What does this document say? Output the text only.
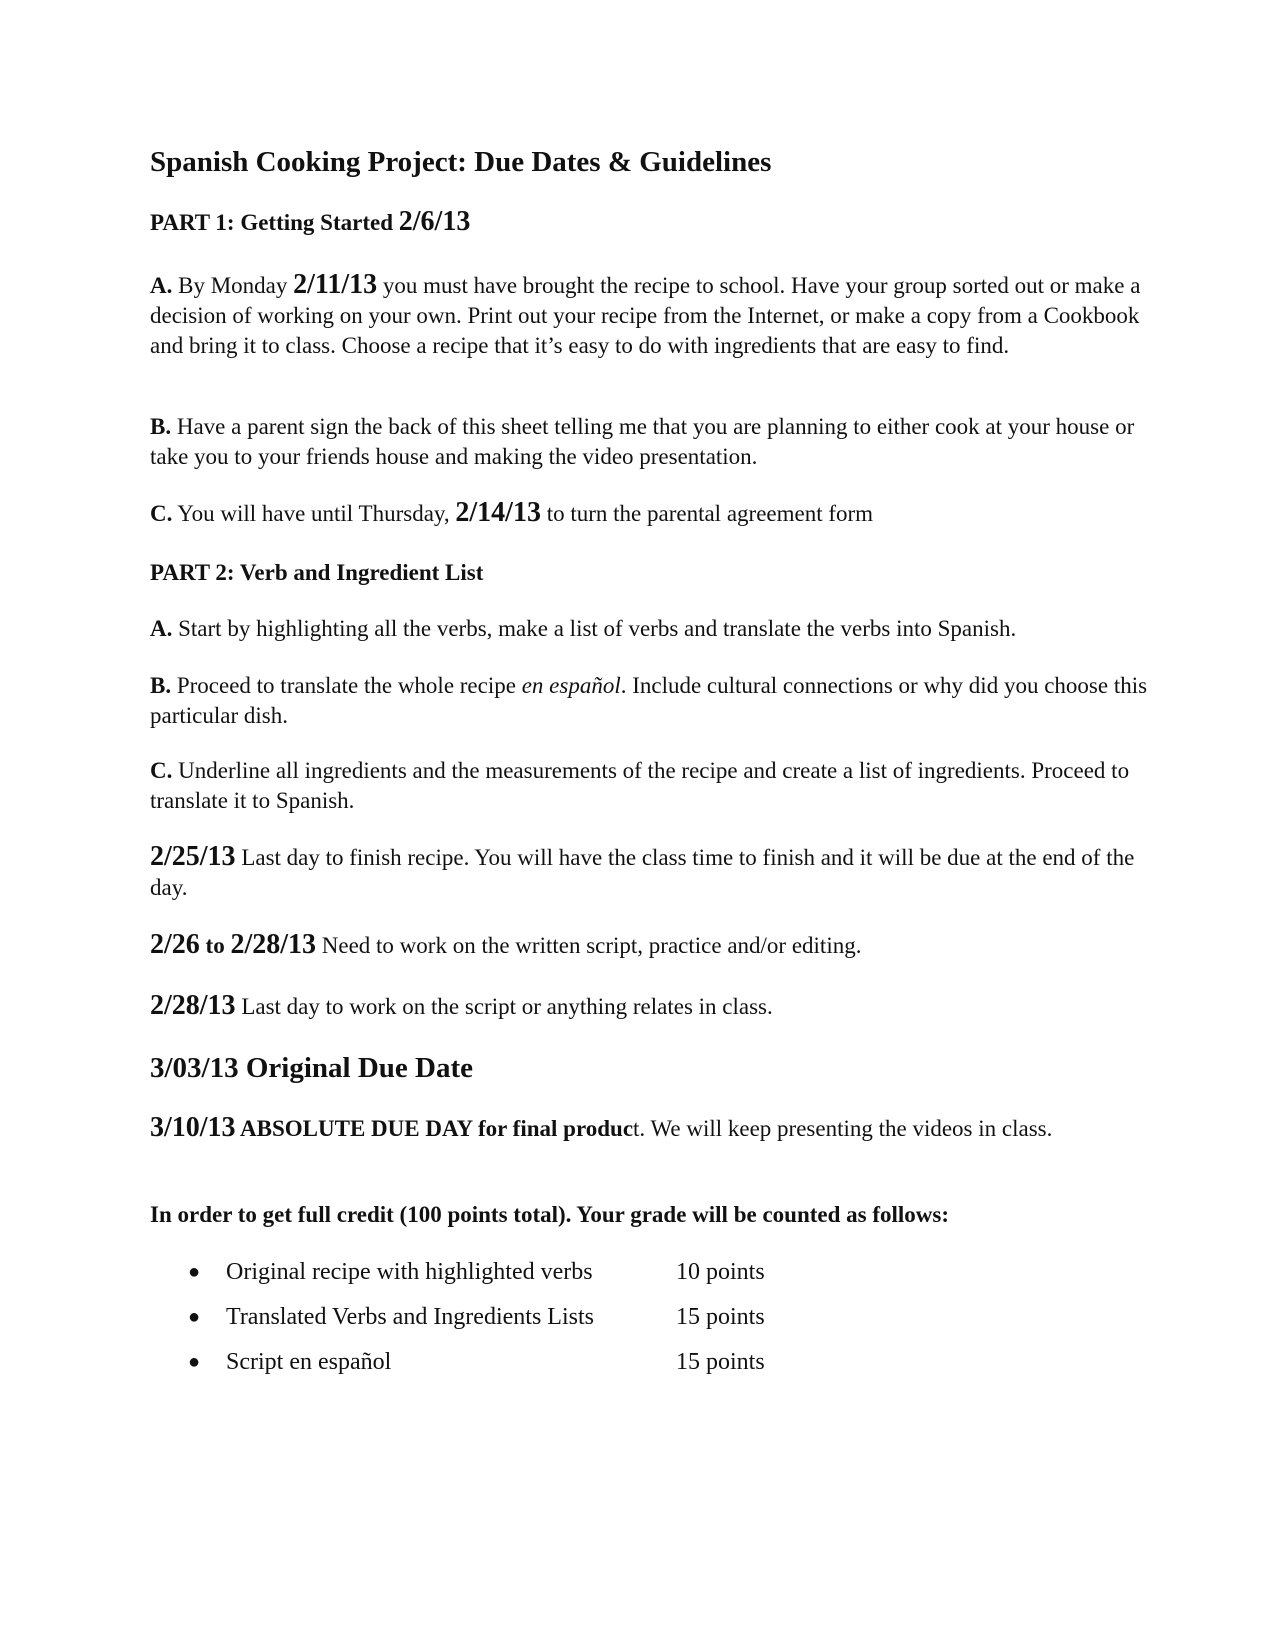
Spanish Cooking Project: Due Dates & Guidelines
PART 1: Getting Started 2/6/13
A. By Monday 2/11/13 you must have brought the recipe to school. Have your group sorted out or make a decision of working on your own. Print out your recipe from the Internet, or make a copy from a Cookbook and bring it to class. Choose a recipe that it’s easy to do with ingredients that are easy to find.
B. Have a parent sign the back of this sheet telling me that you are planning to either cook at your house or take you to your friends house and making the video presentation.
C. You will have until Thursday, 2/14/13 to turn the parental agreement form
PART 2: Verb and Ingredient List
A. Start by highlighting all the verbs, make a list of verbs and translate the verbs into Spanish.
B. Proceed to translate the whole recipe en español. Include cultural connections or why did you choose this particular dish.
C. Underline all ingredients and the measurements of the recipe and create a list of ingredients. Proceed to translate it to Spanish.
2/25/13 Last day to finish recipe. You will have the class time to finish and it will be due at the end of the day.
2/26 to 2/28/13 Need to work on the written script, practice and/or editing.
2/28/13 Last day to work on the script or anything relates in class.
3/03/13 Original Due Date
3/10/13 ABSOLUTE DUE DAY for final product. We will keep presenting the videos in class.
In order to get full credit (100 points total). Your grade will be counted as follows:
● Original recipe with highlighted verbs	10 points
● Translated Verbs and Ingredients Lists	15 points
● Script en español	15 points
